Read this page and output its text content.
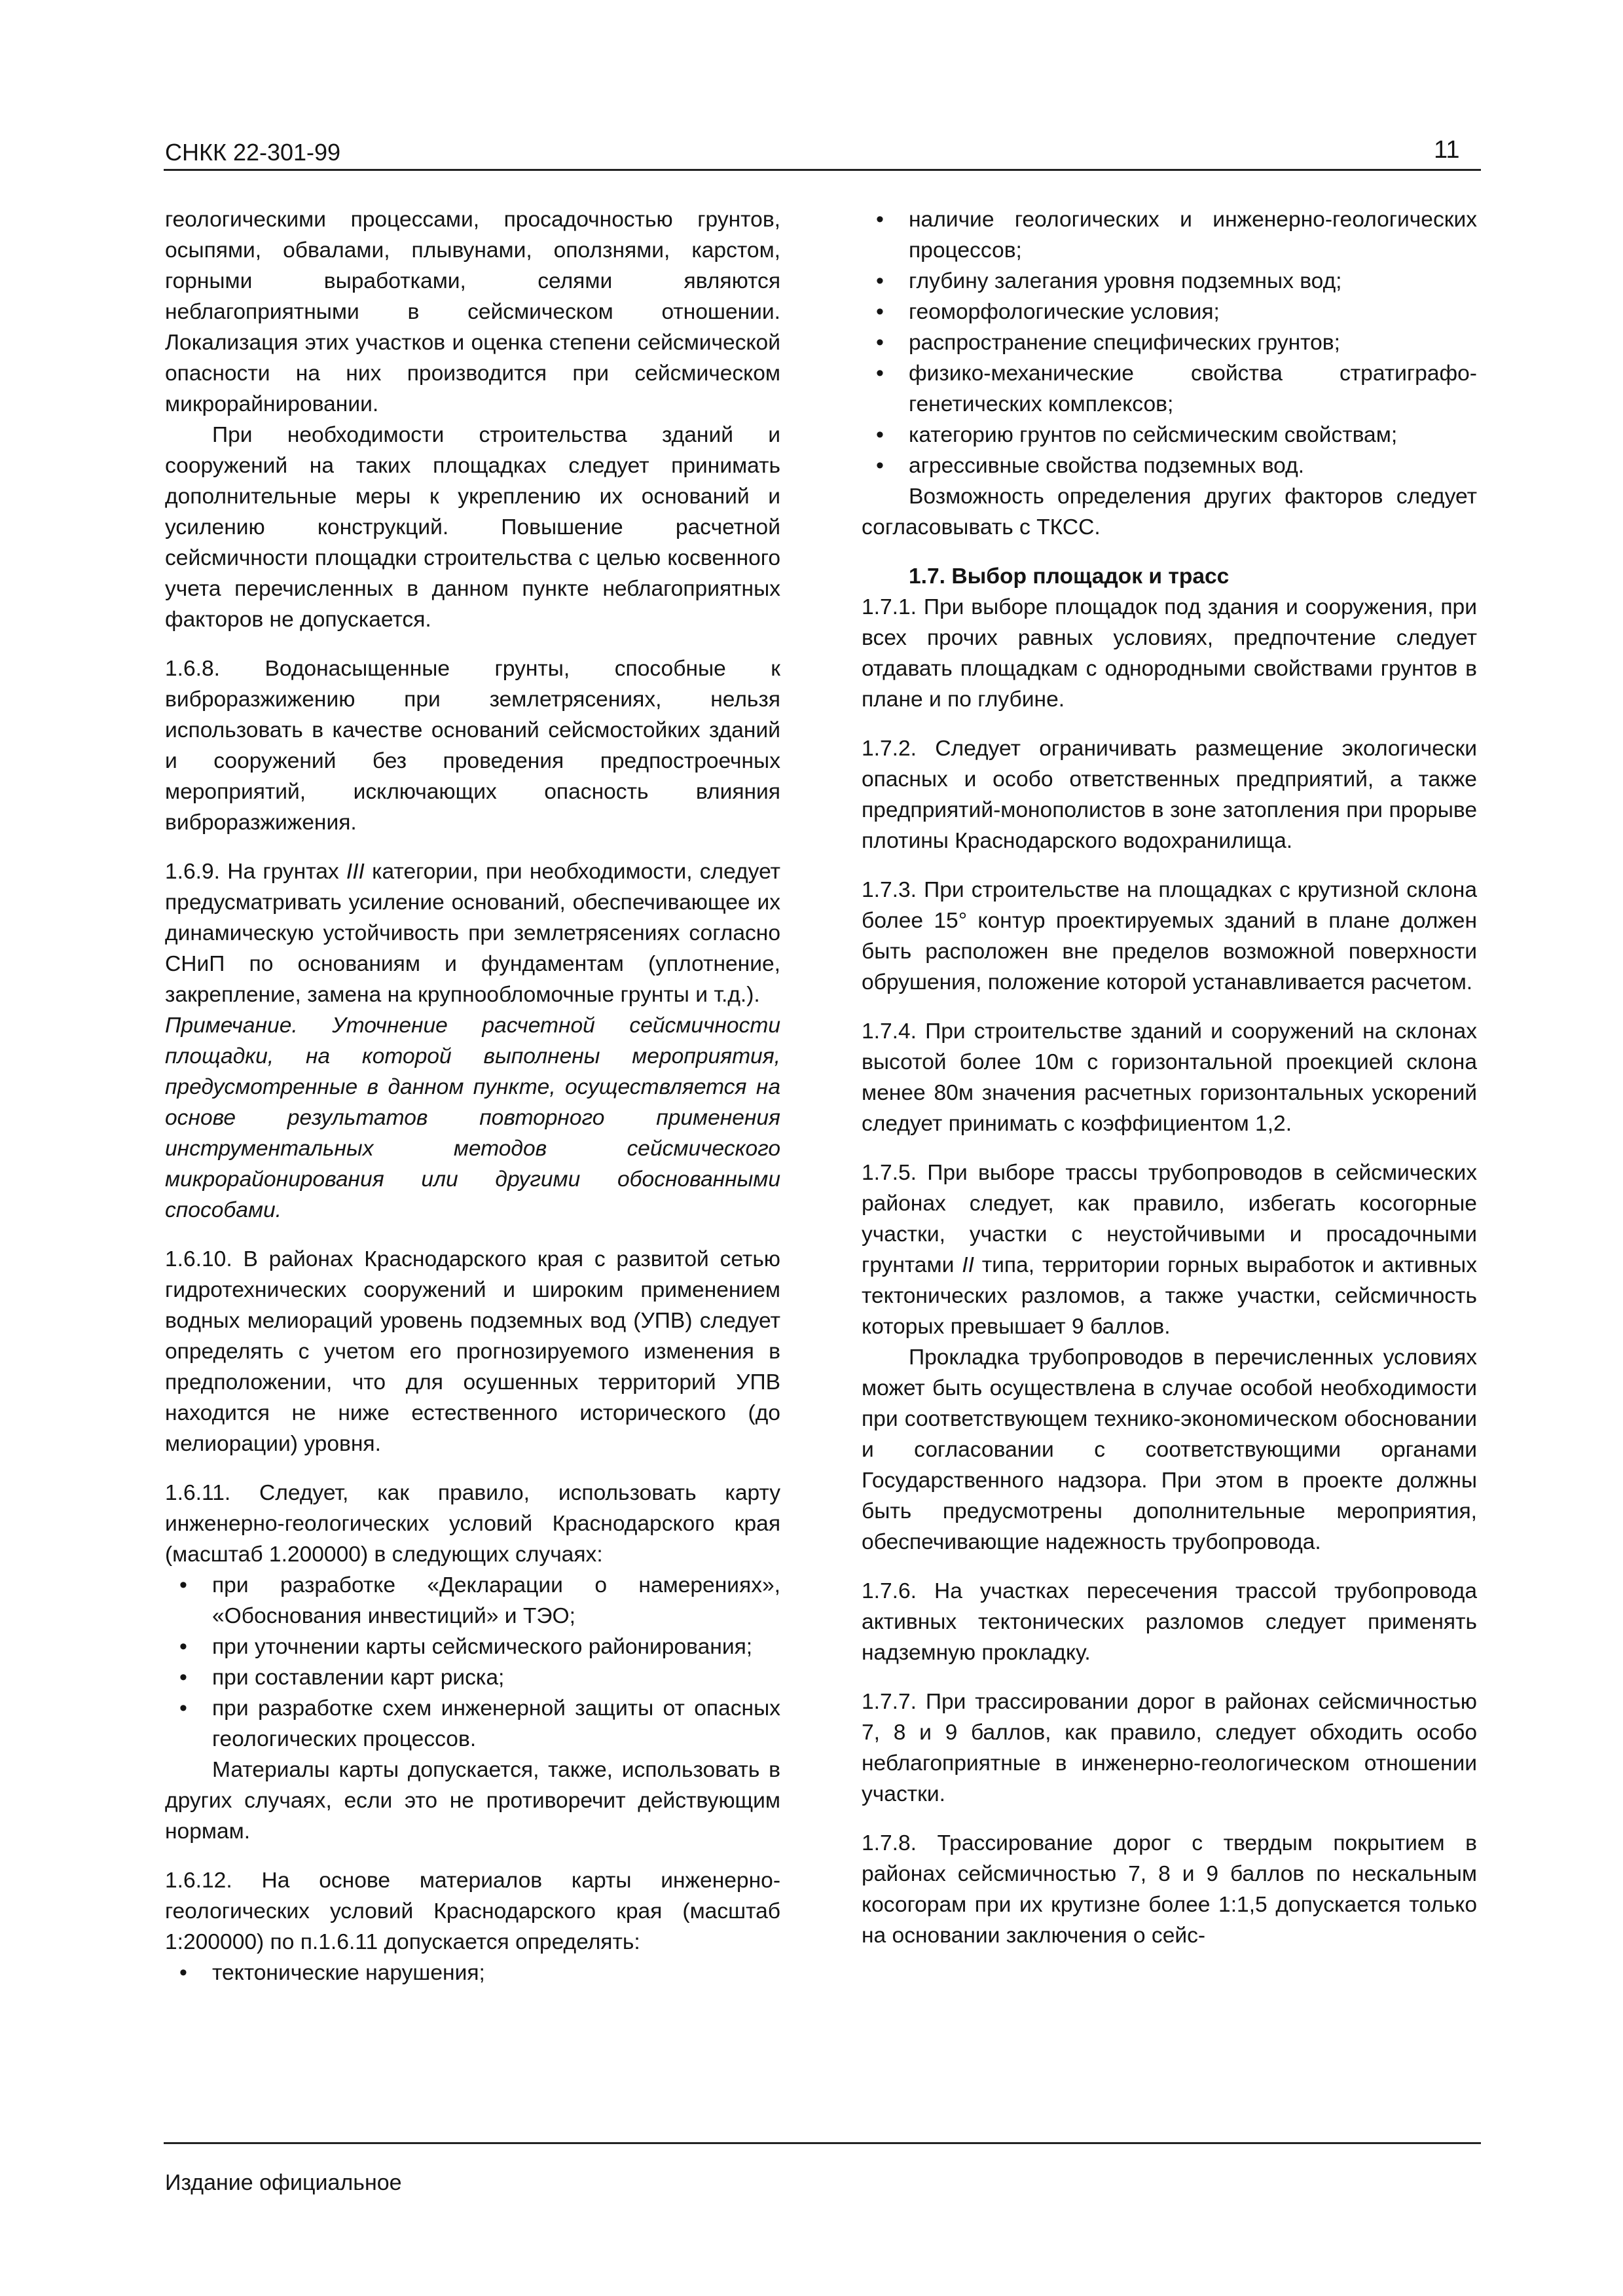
СНКК 22-301-99	11

геологическими процессами, просадочностью грунтов, осыпями, обвалами, плывунами, оползнями, карстом, горными выработками, селями являются неблагоприятными в сейсмическом отношении. Локализация этих участков и оценка степени сейсмической опасности на них производится при сейсмическом микрорайнировании.

При необходимости строительства зданий и сооружений на таких площадках следует принимать дополнительные меры к укреплению их оснований и усилению конструкций. Повышение расчетной сейсмичности площадки строительства с целью косвенного учета перечисленных в данном пункте неблагоприятных факторов не допускается.

1.6.8. Водонасыщенные грунты, способные к виброразжижению при землетрясениях, нельзя использовать в качестве оснований сейсмостойких зданий и сооружений без проведения предпостроечных мероприятий, исключающих опасность влияния виброразжижения.

1.6.9. На грунтах III категории, при необходимости, следует предусматривать усиление оснований, обеспечивающее их динамическую устойчивость при землетрясениях согласно СНиП по основаниям и фундаментам (уплотнение, закрепление, замена на крупнообломочные грунты и т.д.).

Примечание. Уточнение расчетной сейсмичности площадки, на которой выполнены мероприятия, предусмотренные в данном пункте, осуществляется на основе результатов повторного применения инструментальных методов сейсмического микрорайонирования или другими обоснованными способами.

1.6.10. В районах Краснодарского края с развитой сетью гидротехнических сооружений и широким применением водных мелиораций уровень подземных вод (УПВ) следует определять с учетом его прогнозируемого изменения в предположении, что для осушенных территорий УПВ находится не ниже естественного исторического (до мелиорации) уровня.

1.6.11. Следует, как правило, использовать карту инженерно-геологических условий Краснодарского края (масштаб 1.200000) в следующих случаях:

• при разработке «Декларации о намерениях», «Обоснования инвестиций» и ТЭО;
• при уточнении карты сейсмического районирования;
• при составлении карт риска;
• при разработке схем инженерной защиты от опасных геологических процессов.

Материалы карты допускается, также, использовать в других случаях, если это не противоречит действующим нормам.

1.6.12. На основе материалов карты инженерно-геологических условий Краснодарского края (масштаб 1:200000) по п.1.6.11 допускается определять:

• тектонические нарушения;
• наличие геологических и инженерно-геологических процессов;
• глубину залегания уровня подземных вод;
• геоморфологические условия;
• распространение специфических грунтов;
• физико-механические свойства стратиграфо-генетических комплексов;
• категорию грунтов по сейсмическим свойствам;
• агрессивные свойства подземных вод.

Возможность определения других факторов следует согласовывать с ТКСС.

1.7. Выбор площадок и трасс

1.7.1. При выборе площадок под здания и сооружения, при всех прочих равных условиях, предпочтение следует отдавать площадкам с однородными свойствами грунтов в плане и по глубине.

1.7.2. Следует ограничивать размещение экологически опасных и особо ответственных предприятий, а также предприятий-монополистов в зоне затопления при прорыве плотины Краснодарского водохранилища.

1.7.3. При строительстве на площадках с крутизной склона более 15° контур проектируемых зданий в плане должен быть расположен вне пределов возможной поверхности обрушения, положение которой устанавливается расчетом.

1.7.4. При строительстве зданий и сооружений на склонах высотой более 10м с горизонтальной проекцией склона менее 80м значения расчетных горизонтальных ускорений следует принимать с коэффициентом 1,2.

1.7.5. При выборе трассы трубопроводов в сейсмических районах следует, как правило, избегать косогорные участки, участки с неустойчивыми и просадочными грунтами II типа, территории горных выработок и активных тектонических разломов, а также участки, сейсмичность которых превышает 9 баллов.

Прокладка трубопроводов в перечисленных условиях может быть осуществлена в случае особой необходимости при соответствующем технико-экономическом обосновании и согласовании с соответствующими органами Государственного надзора. При этом в проекте должны быть предусмотрены дополнительные мероприятия, обеспечивающие надежность трубопровода.

1.7.6. На участках пересечения трассой трубопровода активных тектонических разломов следует применять надземную прокладку.

1.7.7. При трассировании дорог в районах сейсмичностью 7, 8 и 9 баллов, как правило, следует обходить особо неблагоприятные в инженерно-геологическом отношении участки.

1.7.8. Трассирование дорог с твердым покрытием в районах сейсмичностью 7, 8 и 9 баллов по нескальным косогорам при их крутизне более 1:1,5 допускается только на основании заключения о сейс-

Издание официальное
